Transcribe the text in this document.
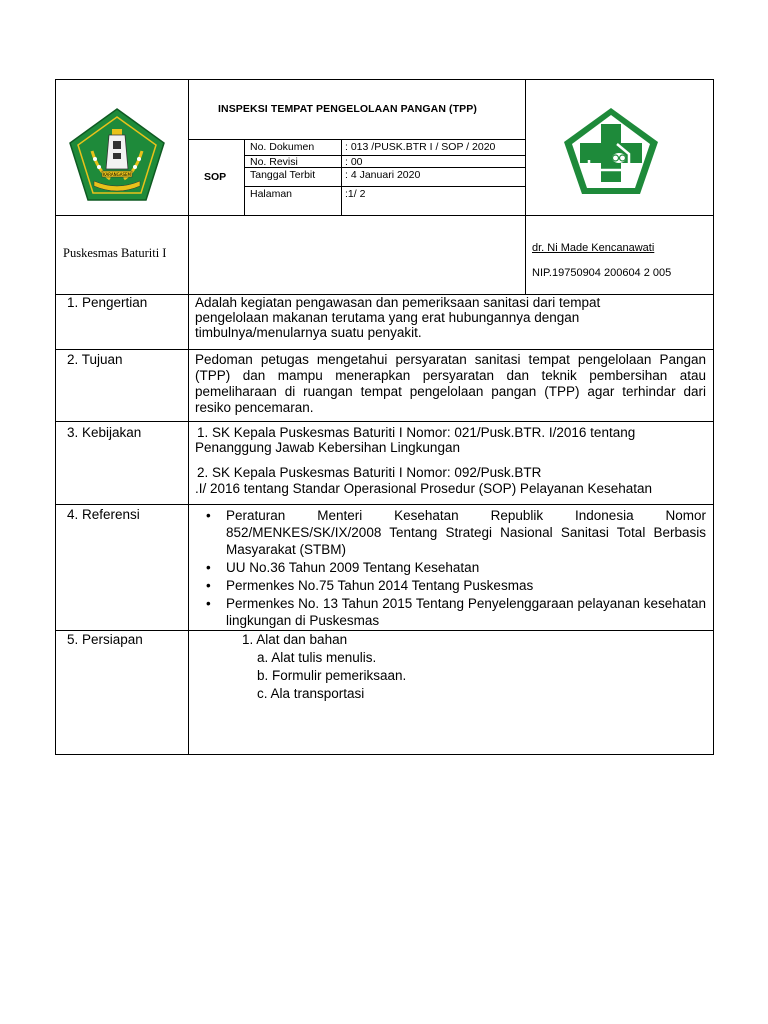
KARANGASEM
INSPEKSI TEMPAT PENGELOLAAN PANGAN (TPP)
SOP
No. Dokumen	: 013 /PUSK.BTR I / SOP / 2020
No. Revisi	: 00
Tanggal Terbit	: 4 Januari 2020
Halaman	:1/ 2
Puskesmas Baturiti I	dr. Ni Made Kencanawati
NIP.19750904 200604 2 005
1. Pengertian	Adalah kegiatan pengawasan dan pemeriksaan sanitasi dari tempat
pengelolaan makanan terutama yang erat hubungannya dengan
timbulnya/menularnya suatu penyakit.
2. Tujuan	Pedoman petugas mengetahui persyaratan sanitasi tempat pengelolaan Pangan (TPP) dan mampu menerapkan persyaratan dan teknik pembersihan atau pemeliharaan di ruangan tempat pengelolaan pangan (TPP) agar terhindar dari resiko pencemaran.
3. Kebijakan	1. SK Kepala Puskesmas Baturiti I Nomor: 021/Pusk.BTR. I/2016 tentang
Penanggung Jawab Kebersihan Lingkungan
2. SK Kepala Puskesmas Baturiti I Nomor: 092/Pusk.BTR
.I/ 2016 tentang Standar Operasional Prosedur (SOP) Pelayanan Kesehatan
4. Referensi	• Peraturan Menteri Kesehatan Republik Indonesia Nomor 852/MENKES/SK/IX/2008 Tentang Strategi Nasional Sanitasi Total Berbasis Masyarakat (STBM)
• UU No.36 Tahun 2009 Tentang Kesehatan
• Permenkes No.75 Tahun 2014 Tentang Puskesmas
• Permenkes No. 13 Tahun 2015 Tentang Penyelenggaraan pelayanan kesehatan lingkungan di Puskesmas
5. Persiapan	1. Alat dan bahan
a. Alat tulis menulis.
b. Formulir pemeriksaan.
c. Ala transportasi
